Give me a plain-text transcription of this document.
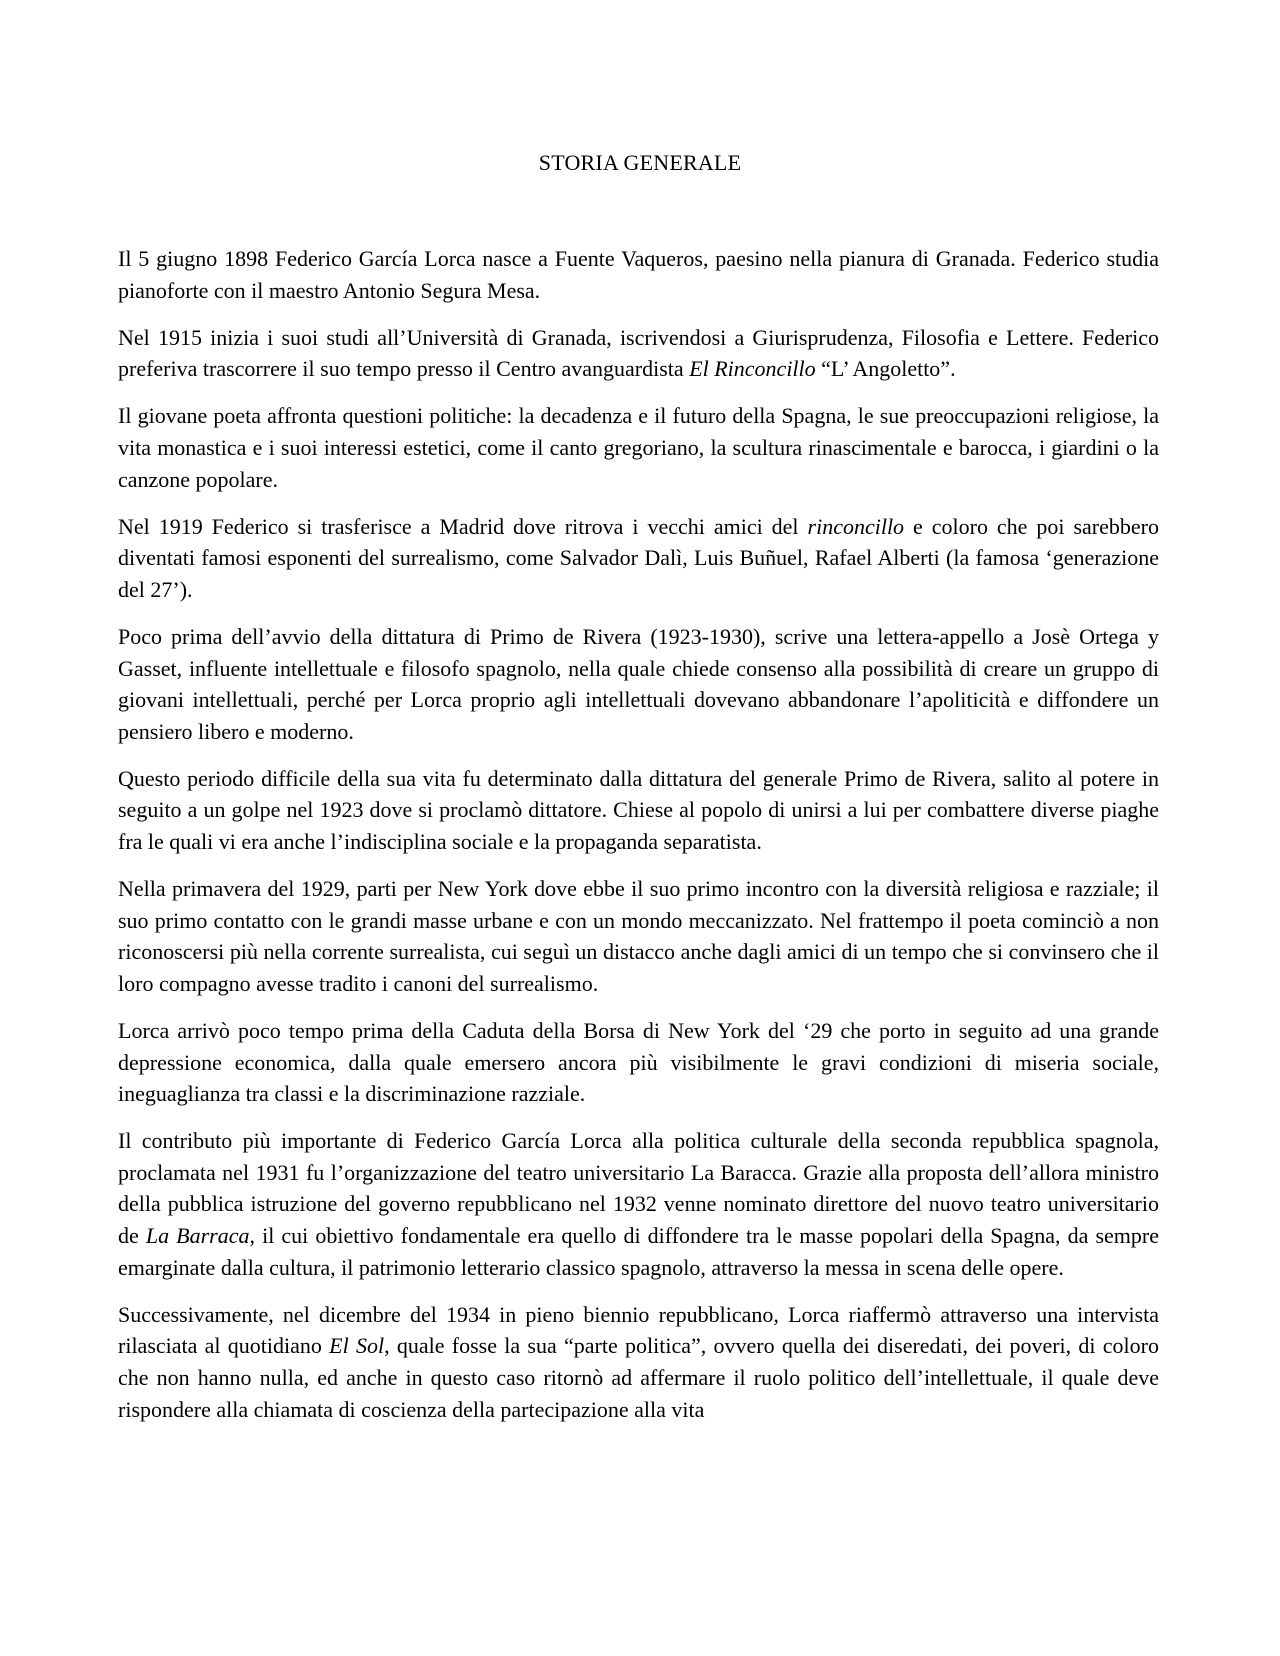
STORIA GENERALE

Il 5 giugno 1898 Federico García Lorca nasce a Fuente Vaqueros, paesino nella pianura di Granada. Federico studia pianoforte con il maestro Antonio Segura Mesa.

Nel 1915 inizia i suoi studi all’Università di Granada, iscrivendosi a Giurisprudenza, Filosofia e Lettere. Federico preferiva trascorrere il suo tempo presso il Centro avanguardista El Rinconcillo “L’ Angoletto”.

Il giovane poeta affronta questioni politiche: la decadenza e il futuro della Spagna, le sue preoccupazioni religiose, la vita monastica e i suoi interessi estetici, come il canto gregoriano, la scultura rinascimentale e barocca, i giardini o la canzone popolare.

Nel 1919 Federico si trasferisce a Madrid dove ritrova i vecchi amici del rinconcillo e coloro che poi sarebbero diventati famosi esponenti del surrealismo, come Salvador Dalì, Luis Buñuel, Rafael Alberti (la famosa ‘generazione del 27’).

Poco prima dell’avvio della dittatura di Primo de Rivera (1923-1930), scrive una lettera-appello a Josè Ortega y Gasset, influente intellettuale e filosofo spagnolo, nella quale chiede consenso alla possibilità di creare un gruppo di giovani intellettuali, perché per Lorca proprio agli intellettuali dovevano abbandonare l’apoliticità e diffondere un pensiero libero e moderno.

Questo periodo difficile della sua vita fu determinato dalla dittatura del generale Primo de Rivera, salito al potere in seguito a un golpe nel 1923 dove si proclamò dittatore. Chiese al popolo di unirsi a lui per combattere diverse piaghe fra le quali vi era anche l’indisciplina sociale e la propaganda separatista.

Nella primavera del 1929, parti per New York dove ebbe il suo primo incontro con la diversità religiosa e razziale; il suo primo contatto con le grandi masse urbane e con un mondo meccanizzato. Nel frattempo il poeta cominciò a non riconoscersi più nella corrente surrealista, cui seguì un distacco anche dagli amici di un tempo che si convinsero che il loro compagno avesse tradito i canoni del surrealismo.

Lorca arrivò poco tempo prima della Caduta della Borsa di New York del ‘29 che porto in seguito ad una grande depressione economica, dalla quale emersero ancora più visibilmente le gravi condizioni di miseria sociale, ineguaglianza tra classi e la discriminazione razziale.

Il contributo più importante di Federico García Lorca alla politica culturale della seconda repubblica spagnola, proclamata nel 1931 fu l’organizzazione del teatro universitario La Baracca. Grazie alla proposta dell’allora ministro della pubblica istruzione del governo repubblicano nel 1932 venne nominato direttore del nuovo teatro universitario de La Barraca, il cui obiettivo fondamentale era quello di diffondere tra le masse popolari della Spagna, da sempre emarginate dalla cultura, il patrimonio letterario classico spagnolo, attraverso la messa in scena delle opere.

Successivamente, nel dicembre del 1934 in pieno biennio repubblicano, Lorca riaffermò attraverso una intervista rilasciata al quotidiano El Sol, quale fosse la sua “parte politica”, ovvero quella dei diseredati, dei poveri, di coloro che non hanno nulla, ed anche in questo caso ritornò ad affermare il ruolo politico dell’intellettuale, il quale deve rispondere alla chiamata di coscienza della partecipazione alla vita
